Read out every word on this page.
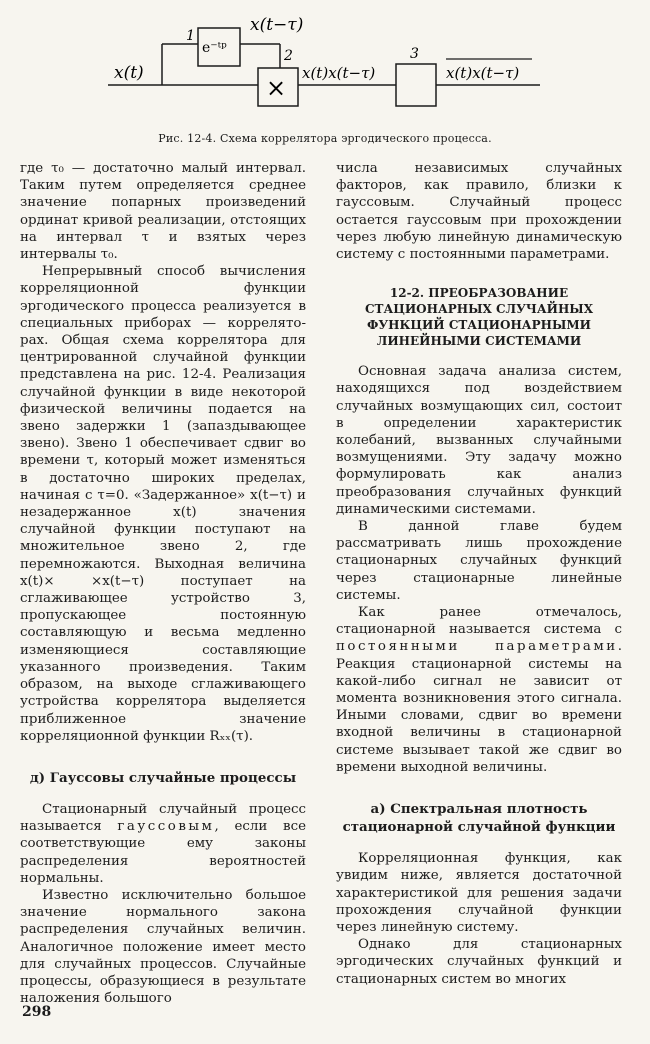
x(t)
1
e⁻ᵗᵖ
x(t−τ)
2
×
x(t)x(t−τ)
3
x(t)x(t−τ)
Рис. 12-4. Схема коррелятора эргодического процесса.

где τ₀ — достаточно малый интервал. Таким путем определяется среднее значение попарных произведений ординат кривой реализации, отстоящих на интервал τ и взятых через интервалы τ₀.

Непрерывный способ вычисления корреляционной функции эргодического процесса реализуется в специальных приборах — корреляторах. Общая схема коррелятора для центрированной случайной функции представлена на рис. 12-4. Реализация случайной функции в виде некоторой физической величины подается на звено задержки 1 (запаздывающее звено). Звено 1 обеспечивает сдвиг во времени τ, который может изменяться в достаточно широких пределах, начиная с τ=0. «Задержанное» x(t−τ) и незадержанное x(t) значения случайной функции поступают на множительное звено 2, где перемножаются. Выходная величина x(t)× ×x(t−τ) поступает на сглаживающее устройство 3, пропускающее постоянную составляющую и весьма медленно изменяющиеся составляющие указанного произведения. Таким образом, на выходе сглаживающего устройства коррелятора выделяется приближенное значение корреляционной функции Rₓₓ(τ).

д) Гауссовы случайные процессы

Стационарный случайный процесс называется гауссовым, если все соответствующие ему законы распределения вероятностей нормальны.

Известно исключительно большое значение нормального закона распределения случайных величин. Аналогичное положение имеет место для случайных процессов. Случайные процессы, образующиеся в результате наложения большого

числа независимых случайных факторов, как правило, близки к гауссовым. Случайный процесс остается гауссовым при прохождении через любую линейную динамическую систему с постоянными параметрами.

12-2. ПРЕОБРАЗОВАНИЕ
СТАЦИОНАРНЫХ СЛУЧАЙНЫХ
ФУНКЦИЙ СТАЦИОНАРНЫМИ
ЛИНЕЙНЫМИ СИСТЕМАМИ

Основная задача анализа систем, находящихся под воздействием случайных возмущающих сил, состоит в определении характеристик колебаний, вызванных случайными возмущениями. Эту задачу можно формулировать как анализ преобразования случайных функций динамическими системами.

В данной главе будем рассматривать лишь прохождение стационарных случайных функций через стационарные линейные системы.

Как ранее отмечалось, стационарной называется система с постоянными параметрами. Реакция стационарной системы на какой-либо сигнал не зависит от момента возникновения этого сигнала. Иными словами, сдвиг во времени входной величины в стационарной системе вызывает такой же сдвиг во времени выходной величины.

а) Спектральная плотность
стационарной случайной функции

Корреляционная функция, как увидим ниже, является достаточной характеристикой для решения задачи прохождения случайной функции через линейную систему.

Однако для стационарных эргодических случайных функций и стационарных систем во многих

298
